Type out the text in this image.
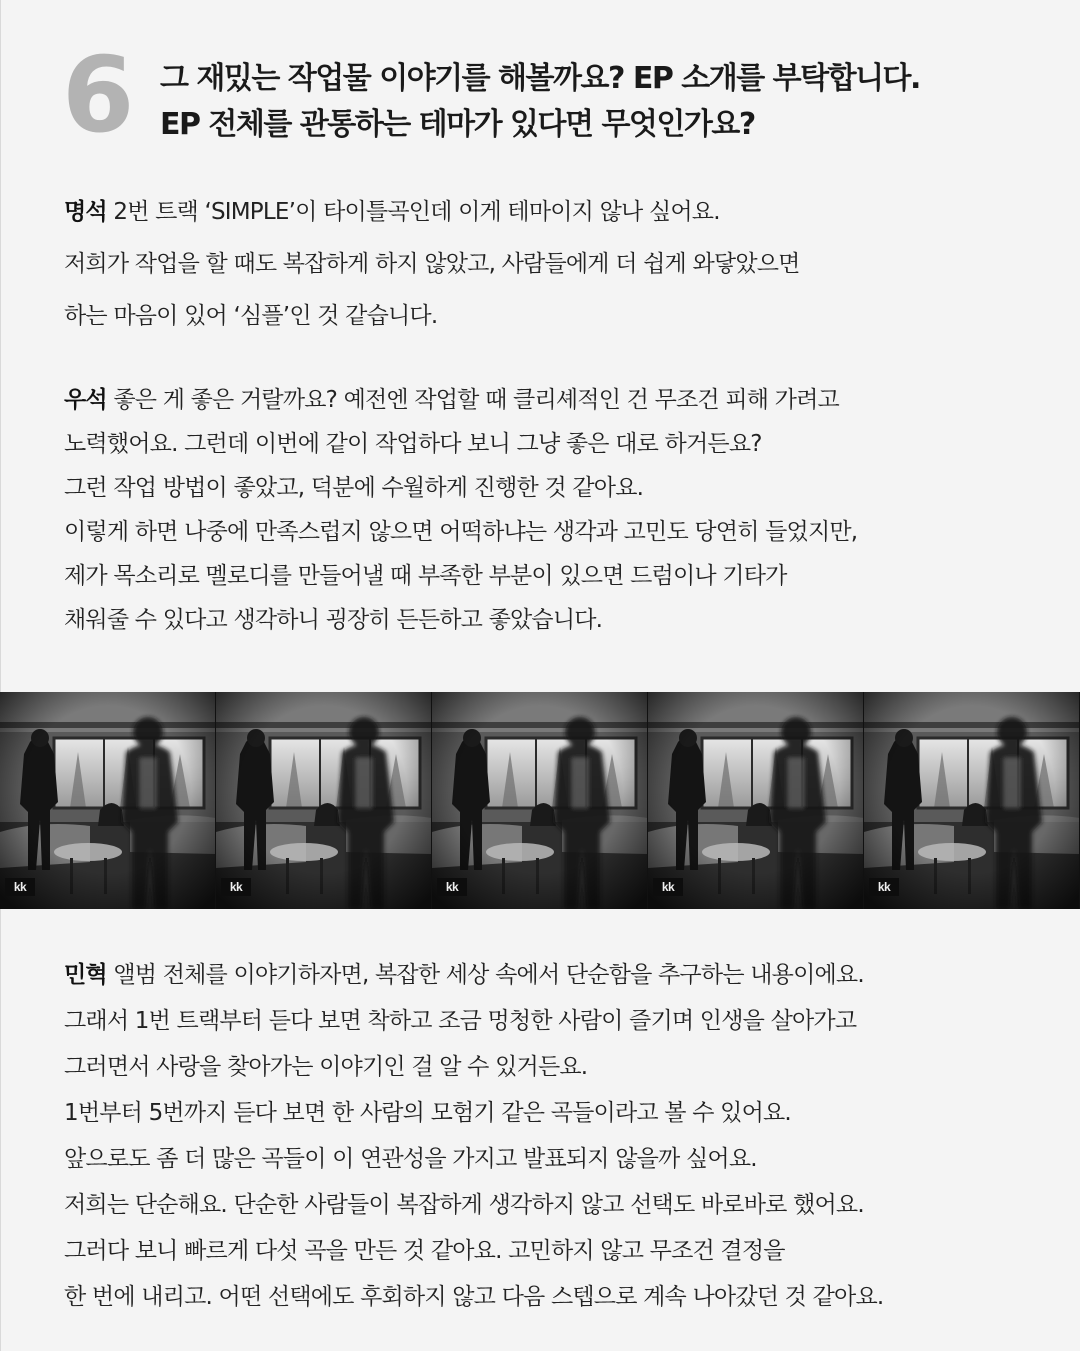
6 그 재밌는 작업물 이야기를 해볼까요? EP 소개를 부탁합니다.
EP 전체를 관통하는 테마가 있다면 무엇인가요?
명석 2번 트랙 ‘SIMPLE’이 타이틀곡인데 이게 테마이지 않나 싶어요.
저희가 작업을 할 때도 복잡하게 하지 않았고, 사람들에게 더 쉽게 와닿았으면
하는 마음이 있어 ‘심플’인 것 같습니다.
우석 좋은 게 좋은 거랄까요? 예전엔 작업할 때 클리셰적인 건 무조건 피해 가려고
노력했어요. 그런데 이번에 같이 작업하다 보니 그냥 좋은 대로 하거든요?
그런 작업 방법이 좋았고, 덕분에 수월하게 진행한 것 같아요.
이렇게 하면 나중에 만족스럽지 않으면 어떡하냐는 생각과 고민도 당연히 들었지만,
제가 목소리로 멜로디를 만들어낼 때 부족한 부분이 있으면 드럼이나 기타가
채워줄 수 있다고 생각하니 굉장히 든든하고 좋았습니다.
kk	kk	kk	kk	kk
민혁 앨범 전체를 이야기하자면, 복잡한 세상 속에서 단순함을 추구하는 내용이에요.
그래서 1번 트랙부터 듣다 보면 착하고 조금 멍청한 사람이 즐기며 인생을 살아가고
그러면서 사랑을 찾아가는 이야기인 걸 알 수 있거든요.
1번부터 5번까지 듣다 보면 한 사람의 모험기 같은 곡들이라고 볼 수 있어요.
앞으로도 좀 더 많은 곡들이 이 연관성을 가지고 발표되지 않을까 싶어요.
저희는 단순해요. 단순한 사람들이 복잡하게 생각하지 않고 선택도 바로바로 했어요.
그러다 보니 빠르게 다섯 곡을 만든 것 같아요. 고민하지 않고 무조건 결정을
한 번에 내리고. 어떤 선택에도 후회하지 않고 다음 스텝으로 계속 나아갔던 것 같아요.
